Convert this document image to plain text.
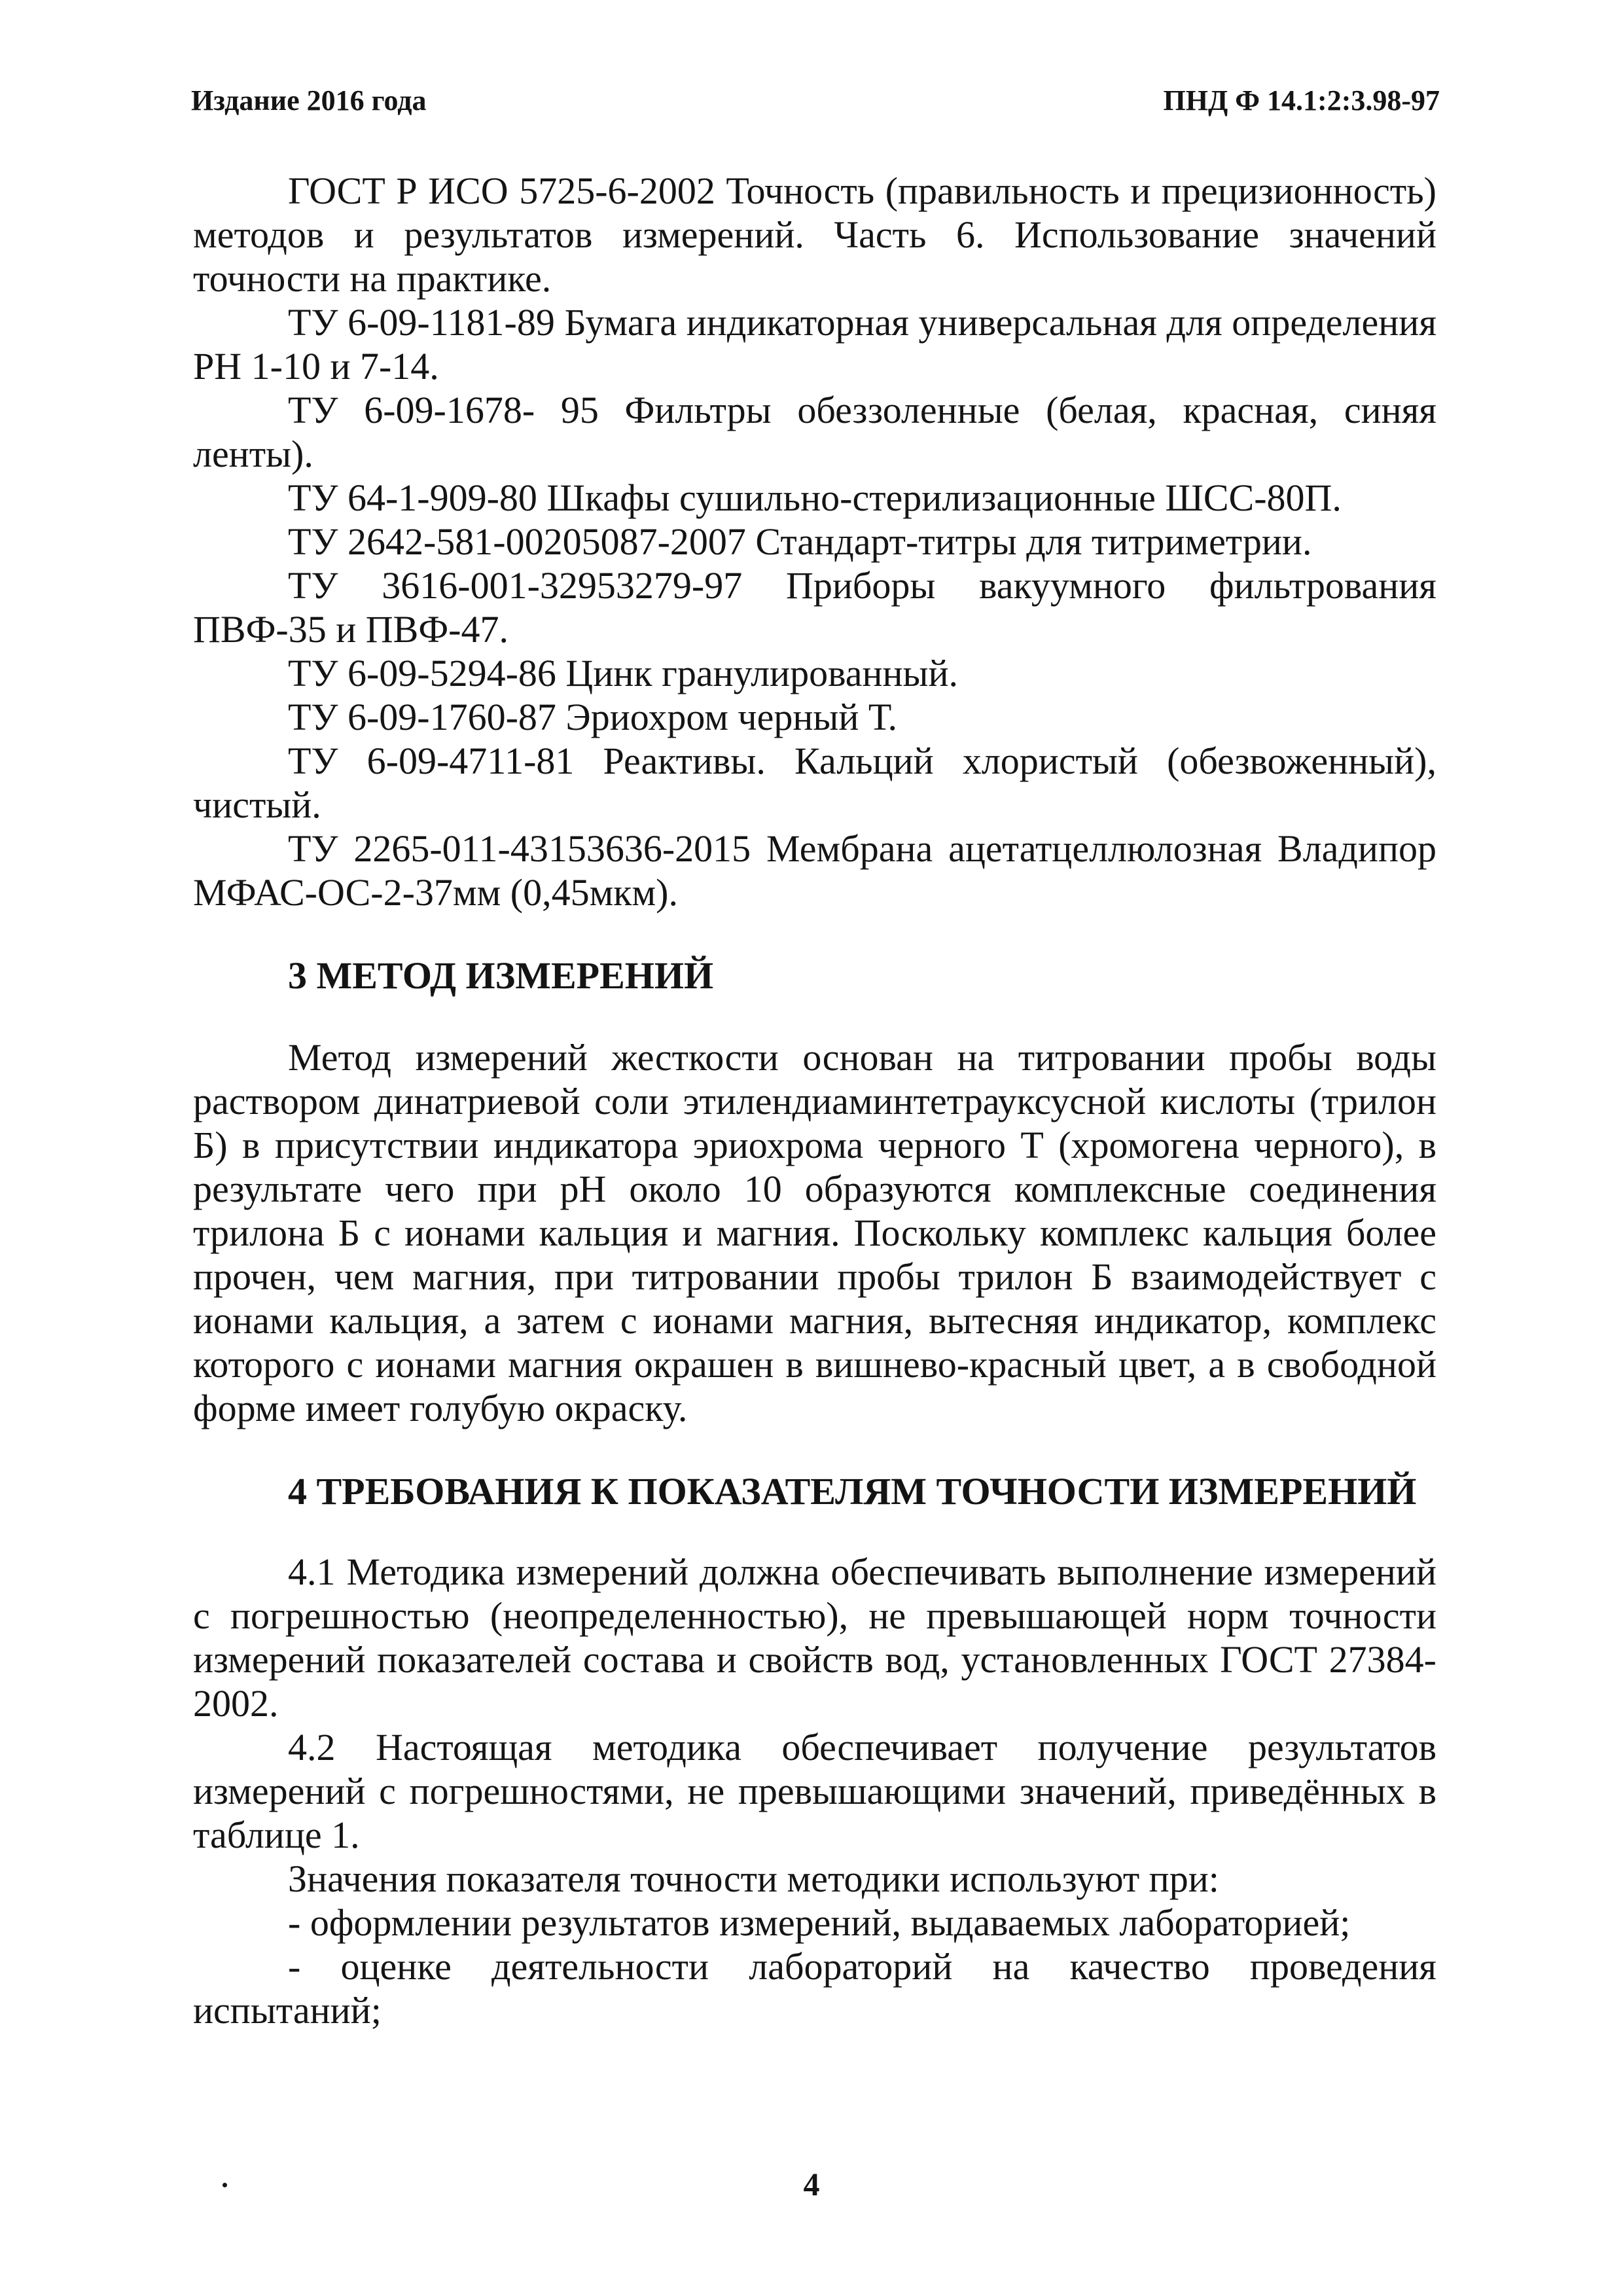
Издание 2016 года	ПНД Ф 14.1:2:3.98-97

ГОСТ Р ИСО 5725-6-2002 Точность (правильность и прецизионность) методов и результатов измерений. Часть 6. Использование значений точности на практике.

ТУ 6-09-1181-89 Бумага индикаторная универсальная для определения РН 1-10 и 7-14.

ТУ 6-09-1678- 95 Фильтры обеззоленные (белая, красная, синяя ленты).

ТУ 64-1-909-80 Шкафы сушильно-стерилизационные ШСС-80П.

ТУ 2642-581-00205087-2007 Стандарт-титры для титриметрии.

ТУ 3616-001-32953279-97 Приборы вакуумного фильтрования ПВФ-35 и ПВФ-47.

ТУ 6-09-5294-86 Цинк гранулированный.

ТУ 6-09-1760-87 Эриохром черный Т.

ТУ 6-09-4711-81 Реактивы. Кальций хлористый (обезвоженный), чистый.

ТУ 2265-011-43153636-2015 Мембрана ацетатцеллюлозная Владипор МФАС-ОС-2-37мм (0,45мкм).

3 МЕТОД ИЗМЕРЕНИЙ

Метод измерений жесткости основан на титровании пробы воды раствором динатриевой соли этилендиаминтетрауксусной кислоты (трилон Б) в присутствии индикатора эриохрома черного Т (хромогена черного), в результате чего при рН около 10 образуются комплексные соединения трилона Б с ионами кальция и магния. Поскольку комплекс кальция более прочен, чем магния, при титровании пробы трилон Б взаимодействует с ионами кальция, а затем с ионами магния, вытесняя индикатор, комплекс которого с ионами магния окрашен в вишнево-красный цвет, а в свободной форме имеет голубую окраску.

4 ТРЕБОВАНИЯ К ПОКАЗАТЕЛЯМ ТОЧНОСТИ ИЗМЕРЕНИЙ

4.1 Методика измерений должна обеспечивать выполнение измерений с погрешностью (неопределенностью), не превышающей норм точности измерений показателей состава и свойств вод, установленных ГОСТ 27384-2002.

4.2 Настоящая методика обеспечивает получение результатов измерений с погрешностями, не превышающими значений, приведённых в таблице 1.

Значения показателя точности методики используют при:

- оформлении результатов измерений, выдаваемых лабораторией;

- оценке деятельности лабораторий на качество проведения испытаний;

4
